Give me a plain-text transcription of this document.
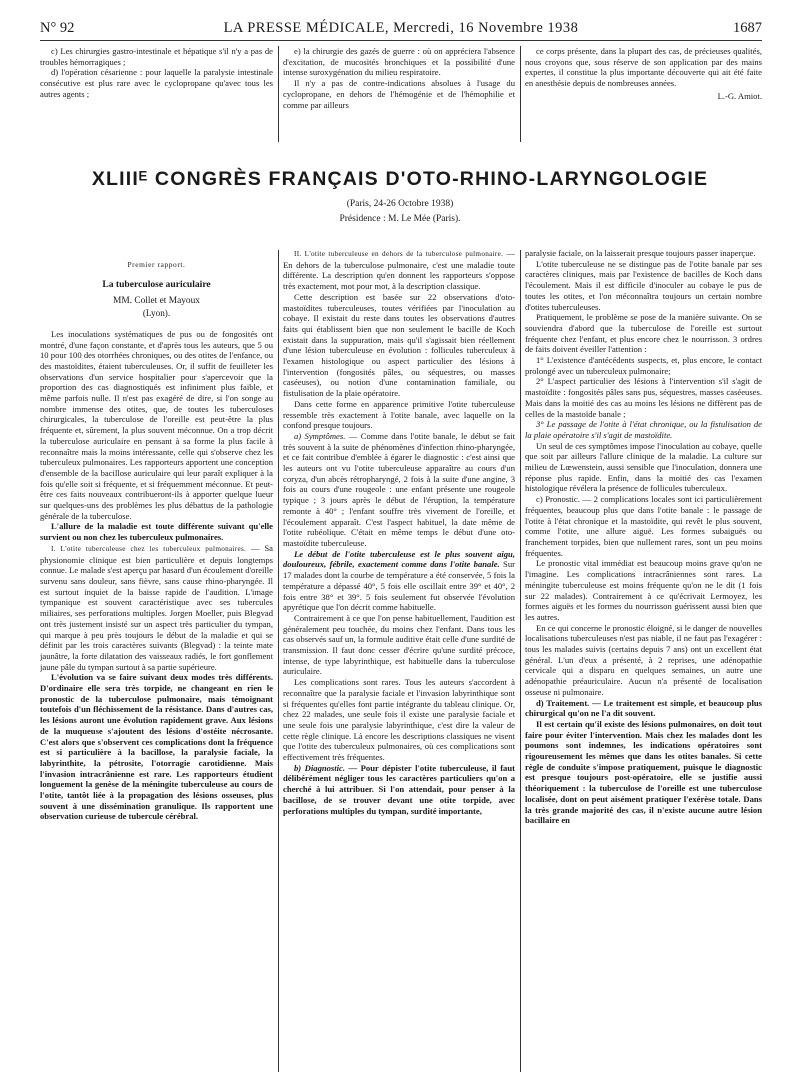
N° 92	LA PRESSE MÉDICALE, Mercredi, 16 Novembre 1938	1687

c) Les chirurgies gastro-intestinale et hépatique s'il n'y a pas de troubles hémorragiques ;

d) l'opération césarienne : pour laquelle la paralysie intestinale consécutive est plus rare avec le cyclopropane qu'avec tous les autres agents ;

e) la chirurgie des gazés de guerre : où on appréciera l'absence d'excitation, de mucosités bronchiques et la possibilité d'une intense suroxygénation du milieu respiratoire.

Il n'y a pas de contre-indications absolues à l'usage du cyclopropane, en dehors de l'hémogénie et de l'hémophilie et comme par ailleurs

ce corps présente, dans la plupart des cas, de précieuses qualités, nous croyons que, sous réserve de son application par des mains expertes, il constitue la plus importante découverte qui ait été faite en anesthésie depuis de nombreuses années.

L.-G. Amiot.

XLIIIᴱ CONGRÈS FRANÇAIS D'OTO-RHINO-LARYNGOLOGIE
(Paris, 24-26 Octobre 1938)
Présidence : M. Le Mée (Paris).
Premier rapport.
La tuberculose auriculaire
MM. Collet et Mayoux
(Lyon).

Les inoculations systématiques de pus ou de fongosités ont montré, d'une façon constante, et d'après tous les auteurs, que 5 ou 10 pour 100 des otorrhées chroniques, ou des otites de l'enfance, ou des mastoïdites, étaient tuberculeuses. Or, il suffit de feuilleter les observations d'un service hospitalier pour s'apercevoir que la proportion des cas diagnostiqués est infiniment plus faible, et même parfois nulle. Il n'est pas exagéré de dire, si l'on songe au nombre immense des otites, que, de toutes les tuberculoses chirurgicales, la tuberculose de l'oreille est peut-être la plus fréquente et, sûrement, la plus souvent méconnue. On a trop décrit la tuberculose auriculaire en pensant à sa forme la plus facile à reconnaître mais la moins intéressante, celle qui s'observe chez les tuberculeux pulmonaires. Les rapporteurs apportent une conception d'ensemble de la bacillose auriculaire qui leur paraît expliquer à la fois qu'elle soit si fréquente, et si fréquemment méconnue. Et peut-être ces faits nouveaux contribueront-ils à apporter quelque lueur sur quelques-uns des problèmes les plus débattus de la pathologie générale de la tuberculose.

L'allure de la maladie est toute différente suivant qu'elle survient ou non chez les tuberculeux pulmonaires.

I. L'otite tuberculeuse chez les tuberculeux pulmonaires. — Sa physionomie clinique est bien particulière et depuis longtemps connue. Le malade s'est aperçu par hasard d'un écoulement d'oreille survenu sans douleur, sans fièvre, sans cause rhino-pharyngée. Il est surtout inquiet de la baisse rapide de l'audition. L'image tympanique est souvent caractéristique avec ses tubercules miliaires, ses perforations multiples. Jorgen Moeller, puis Blegvad ont très justement insisté sur un aspect très particulier du tympan, qui marque à peu près toujours le début de la maladie et qui se définit par les trois caractères suivants (Blegvad) : la teinte mate jaunâtre, la forte dilatation des vaisseaux radiés, le fort gonflement jaune pâle du tympan surtout à sa partie supérieure.

L'évolution va se faire suivant deux modes très différents. D'ordinaire elle sera très torpide, ne changeant en rien le pronostic de la tuberculose pulmonaire, mais témoignant toutefois d'un fléchissement de la résistance. Dans d'autres cas, les lésions auront une évolution rapidement grave. Aux lésions de la muqueuse s'ajoutent des lésions d'ostéite nécrosante. C'est alors que s'observent ces complications dont la fréquence est si particulière à la bacillose, la paralysie faciale, la labyrinthite, la pétrosite, l'otorragie carotidienne. Mais l'invasion intracrânienne est rare. Les rapporteurs étudient longuement la genèse de la méningite tuberculeuse au cours de l'otite, tantôt liée à la propagation des lésions osseuses, plus souvent à une dissémination granulique. Ils rapportent une observation curieuse de tubercule cérébral.

II. L'otite tuberculeuse en dehors de la tuberculose pulmonaire. — En dehors de la tuberculose pulmonaire, c'est une maladie toute différente. La description qu'en donnent les rapporteurs s'oppose très exactement, mot pour mot, à la description classique.

Cette description est basée sur 22 observations d'oto-mastoïdites tuberculeuses, toutes vérifiées par l'inoculation au cobaye. Il existait du reste dans toutes les observations d'autres faits qui établissent bien que non seulement le bacille de Koch existait dans la suppuration, mais qu'il s'agissait bien réellement d'une lésion tuberculeuse en évolution : follicules tuberculeux à l'examen histologique ou aspect particulier des lésions à l'intervention (fongosités pâles, ou séquestres, ou masses caséeuses), ou notion d'une contamination familiale, ou fistulisation de la plaie opératoire.

Dans cette forme en apparence primitive l'otite tuberculeuse ressemble très exactement à l'otite banale, avec laquelle on la confond presque toujours.

a) Symptômes. — Comme dans l'otite banale, le début se fait très souvent à la suite de phénomènes d'infection rhino-pharyngée, et ce fait contribue d'emblée à égarer le diagnostic : c'est ainsi que les auteurs ont vu l'otite tuberculeuse apparaître au cours d'un coryza, d'un abcès rétropharyngé, 2 fois à la suite d'une angine, 3 fois au cours d'une rougeole : une enfant présente une rougeole typique ; 3 jours après le début de l'éruption, la température remonte à 40° ; l'enfant souffre très vivement de l'oreille, et l'écoulement apparaît. C'est l'aspect habituel, la date même de l'otite rubéolique. C'était en même temps le début d'une oto-mastoïdite tuberculeuse.

Le début de l'otite tuberculeuse est le plus souvent aigu, douloureux, fébrile, exactement comme dans l'otite banale. Sur 17 malades dont la courbe de température a été conservée, 5 fois la température a dépassé 40°, 5 fois elle oscillait entre 39° et 40°, 2 fois entre 38° et 39°. 5 fois seulement fut observée l'évolution apyrétique que l'on décrit comme habituelle.

Contrairement à ce que l'on pense habituellement, l'audition est généralement peu touchée, du moins chez l'enfant. Dans tous les cas observés sauf un, la formule auditive était celle d'une surdité de transmission. Il faut donc cesser d'écrire qu'une surdité précoce, intense, de type labyrinthique, est habituelle dans la tuberculose auriculaire.

Les complications sont rares. Tous les auteurs s'accordent à reconnaître que la paralysie faciale et l'invasion labyrinthique sont si fréquentes qu'elles font partie intégrante du tableau clinique. Or, chez 22 malades, une seule fois il existe une paralysie faciale et une seule fois une paralysie labyrinthique, c'est dire la valeur de cette règle clinique. Là encore les descriptions classiques ne visent que l'otite des tuberculeux pulmonaires, où ces complications sont effectivement très fréquentes.

b) Diagnostic. — Pour dépister l'otite tuberculeuse, il faut délibérément négliger tous les caractères particuliers qu'on a cherché à lui attribuer. Si l'on attendait, pour penser à la bacillose, de se trouver devant une otite torpide, avec perforations multiples du tympan, surdité importante,

paralysie faciale, on la laisserait presque toujours passer inaperçue.

L'otite tuberculeuse ne se distingue pas de l'otite banale par ses caractères cliniques, mais par l'existence de bacilles de Koch dans l'écoulement. Mais il est difficile d'inoculer au cobaye le pus de toutes les otites, et l'on méconnaîtra toujours un certain nombre d'otites tuberculeuses.

Pratiquement, le problème se pose de la manière suivante. On se souviendra d'abord que la tuberculose de l'oreille est surtout fréquente chez l'enfant, et plus encore chez le nourrisson. 3 ordres de faits doivent éveiller l'attention :

1° L'existence d'antécédents suspects, et, plus encore, le contact prolongé avec un tuberculeux pulmonaire;

2° L'aspect particulier des lésions à l'intervention s'il s'agit de mastoïdite : fongosités pâles sans pus, séquestres, masses caséeuses. Mais dans la moitié des cas au moins les lésions ne diffèrent pas de celles de la mastoïde banale ;

3° Le passage de l'otite à l'état chronique, ou la fistulisation de la plaie opératoire s'il s'agit de mastoïdite.

Un seul de ces symptômes impose l'inoculation au cobaye, quelle que soit par ailleurs l'allure clinique de la maladie. La culture sur milieu de Lœwenstein, aussi sensible que l'inoculation, donnera une réponse plus rapide. Enfin, dans la moitié des cas l'examen histologique révélera la présence de follicules tuberculeux.

c) Pronostic. — 2 complications locales sont ici particulièrement fréquentes, beaucoup plus que dans l'otite banale : le passage de l'otite à l'état chronique et la mastoïdite, qui revêt le plus souvent, comme l'otite, une allure aiguë. Les formes subaiguës ou franchement torpides, bien que nullement rares, sont un peu moins fréquentes.

Le pronostic vital immédiat est beaucoup moins grave qu'on ne l'imagine. Les complications intracrâniennes sont rares. La méningite tuberculeuse est moins fréquente qu'on ne le dit (1 fois sur 22 malades). Contrairement à ce qu'écrivait Lermoyez, les formes aiguës et les formes du nourrisson guérissent aussi bien que les autres.

En ce qui concerne le pronostic éloigné, si le danger de nouvelles localisations tuberculeuses n'est pas niable, il ne faut pas l'exagérer : tous les malades suivis (certains depuis 7 ans) ont un excellent état général. L'un d'eux a présenté, à 2 reprises, une adénopathie cervicale qui a disparu en quelques semaines, un autre une adénopathie préauriculaire. Aucun n'a présenté de localisation osseuse ni pulmonaire.

d) Traitement. — Le traitement est simple, et beaucoup plus chirurgical qu'on ne l'a dit souvent.

Il est certain qu'il existe des lésions pulmonaires, on doit tout faire pour éviter l'intervention. Mais chez les malades dont les poumons sont indemnes, les indications opératoires sont rigoureusement les mêmes que dans les otites banales. Si cette règle de conduite s'impose pratiquement, puisque le diagnostic est presque toujours post-opératoire, elle se justifie aussi théoriquement : la tuberculose de l'oreille est une tuberculose localisée, dont on peut aisément pratiquer l'exérèse totale. Dans la très grande majorité des cas, il n'existe aucune autre lésion bacillaire en
